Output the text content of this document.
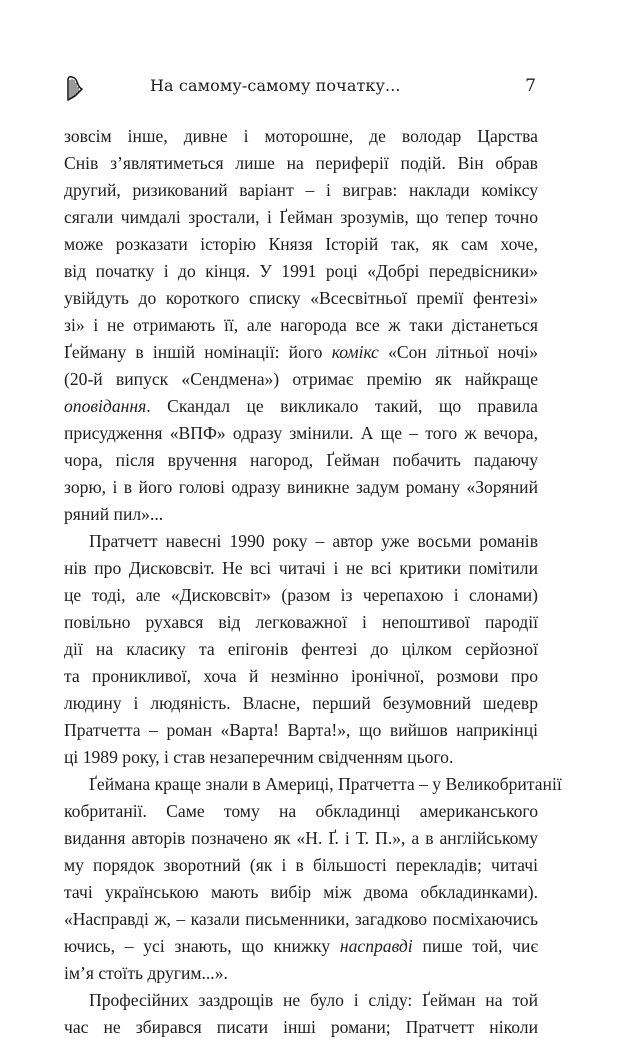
На самому-самому початку...	7

зовсім інше, дивне і моторошне, де володар Царства

Снів з’являтиметься лише на периферії подій. Він обрав

другий, ризикований варіант – і виграв: наклади коміксу

сягали чимдалі зростали, і Ґейман зрозумів, що тепер точно

може розказати історію Князя Історій так, як сам хоче,

від початку і до кінця. У 1991 році «Добрі передвісники»

увійдуть до короткого списку «Всесвітньої премії фентезі»

зі» і не отримають її, але нагорода все ж таки дістанеться

Ґейману в іншій номінації: його комікс «Сон літньої ночі»

(20-й випуск «Сендмена») отримає премію як найкраще

оповідання. Скандал це викликало такий, що правила

присудження «ВПФ» одразу змінили. А ще – того ж вечора,

чора, після вручення нагород, Ґейман побачить падаючу

зорю, і в його голові одразу виникне задум роману «Зоряний

ряний пил»...

Пратчетт навесні 1990 року – автор уже восьми романів

нів про Дисковсвіт. Не всі читачі і не всі критики помітили

це тоді, але «Дисковсвіт» (разом із черепахою і слонами)

повільно рухався від легковажної і непоштивої пародії

дії на класику та епігонів фентезі до цілком серйозної

та проникливої, хоча й незмінно іронічної, розмови про

людину і людяність. Власне, перший безумовний шедевр

Пратчетта – роман «Варта! Варта!», що вийшов наприкінці

ці 1989 року, і став незаперечним свідченням цього.

Ґеймана краще знали в Америці, Пратчетта – у Великобританії

кобританії. Саме тому на обкладинці американського

видання авторів позначено як «Н. Ґ. і Т. П.», а в англійському

му порядок зворотний (як і в більшості перекладів; читачі

тачі українською мають вибір між двома обкладинками).

«Насправді ж, – казали письменники, загадково посміхаючись

ючись, – усі знають, що книжку насправді пише той, чиє

ім’я стоїть другим...».

Професійних заздрощів не було і сліду: Ґейман на той

час не збирався писати інші романи; Пратчетт ніколи
